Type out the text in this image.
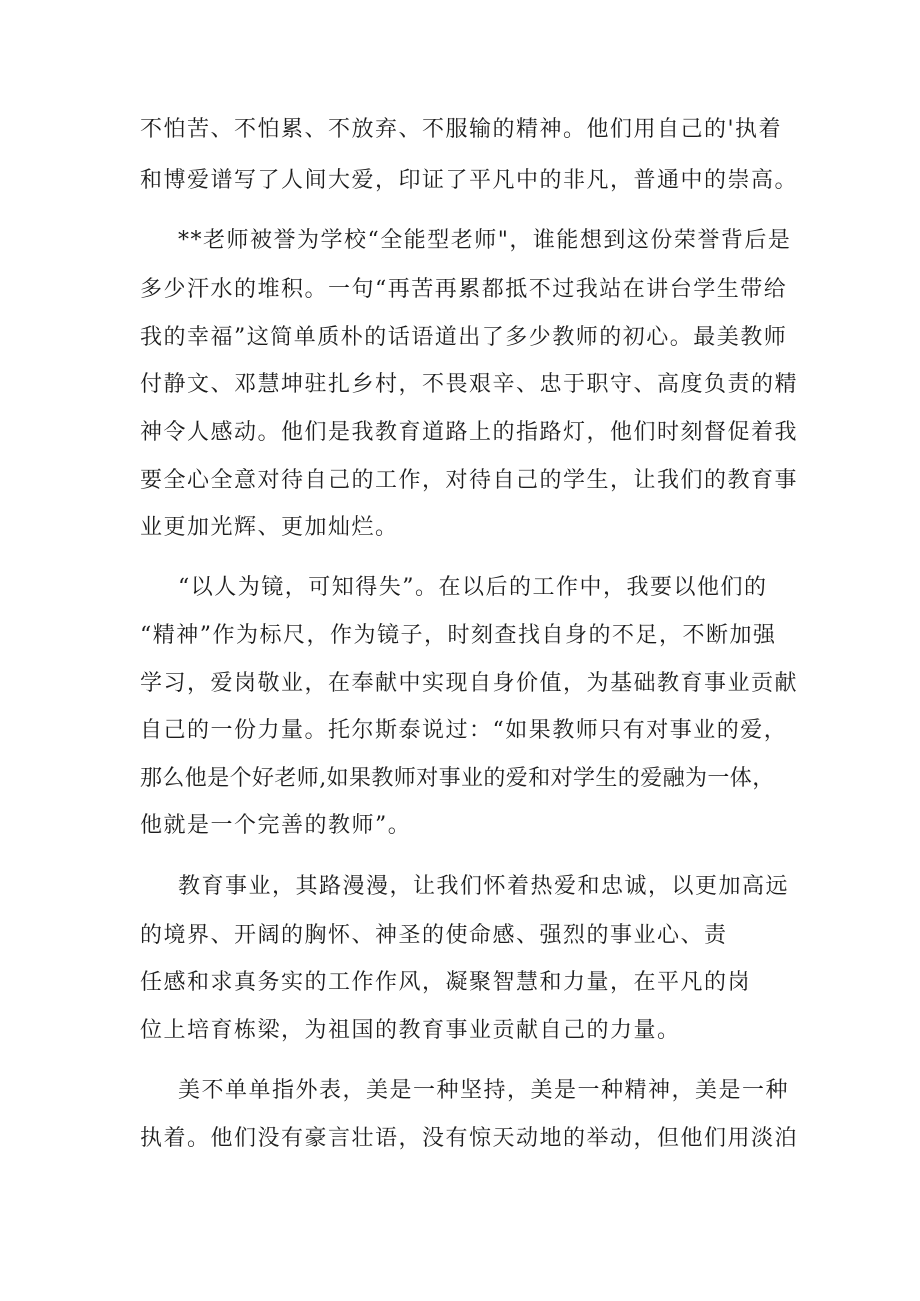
不怕苦、不怕累、不放弃、不服输的精神。他们用自己的'执着
和博爱谱写了人间大爱，印证了平凡中的非凡，普通中的崇高。
**老师被誉为学校“全能型老师"，谁能想到这份荣誉背后是
多少汗水的堆积。一句“再苦再累都抵不过我站在讲台学生带给
我的幸福”这简单质朴的话语道出了多少教师的初心。最美教师
付静文、邓慧坤驻扎乡村，不畏艰辛、忠于职守、高度负责的精
神令人感动。他们是我教育道路上的指路灯，他们时刻督促着我
要全心全意对待自己的工作，对待自己的学生，让我们的教育事
业更加光辉、更加灿烂。
“以人为镜，可知得失”。在以后的工作中，我要以他们的
“精神”作为标尺，作为镜子，时刻查找自身的不足，不断加强
学习，爱岗敬业，在奉献中实现自身价值，为基础教育事业贡献
自己的一份力量。托尔斯泰说过：“如果教师只有对事业的爱，
那么他是个好老师,如果教师对事业的爱和对学生的爱融为一体，
他就是一个完善的教师”。
教育事业，其路漫漫，让我们怀着热爱和忠诚，以更加高远
的境界、开阔的胸怀、神圣的使命感、强烈的事业心、责
任感和求真务实的工作作风，凝聚智慧和力量，在平凡的岗
位上培育栋梁，为祖国的教育事业贡献自己的力量。
美不单单指外表，美是一种坚持，美是一种精神，美是一种
执着。他们没有豪言壮语，没有惊天动地的举动，但他们用淡泊
